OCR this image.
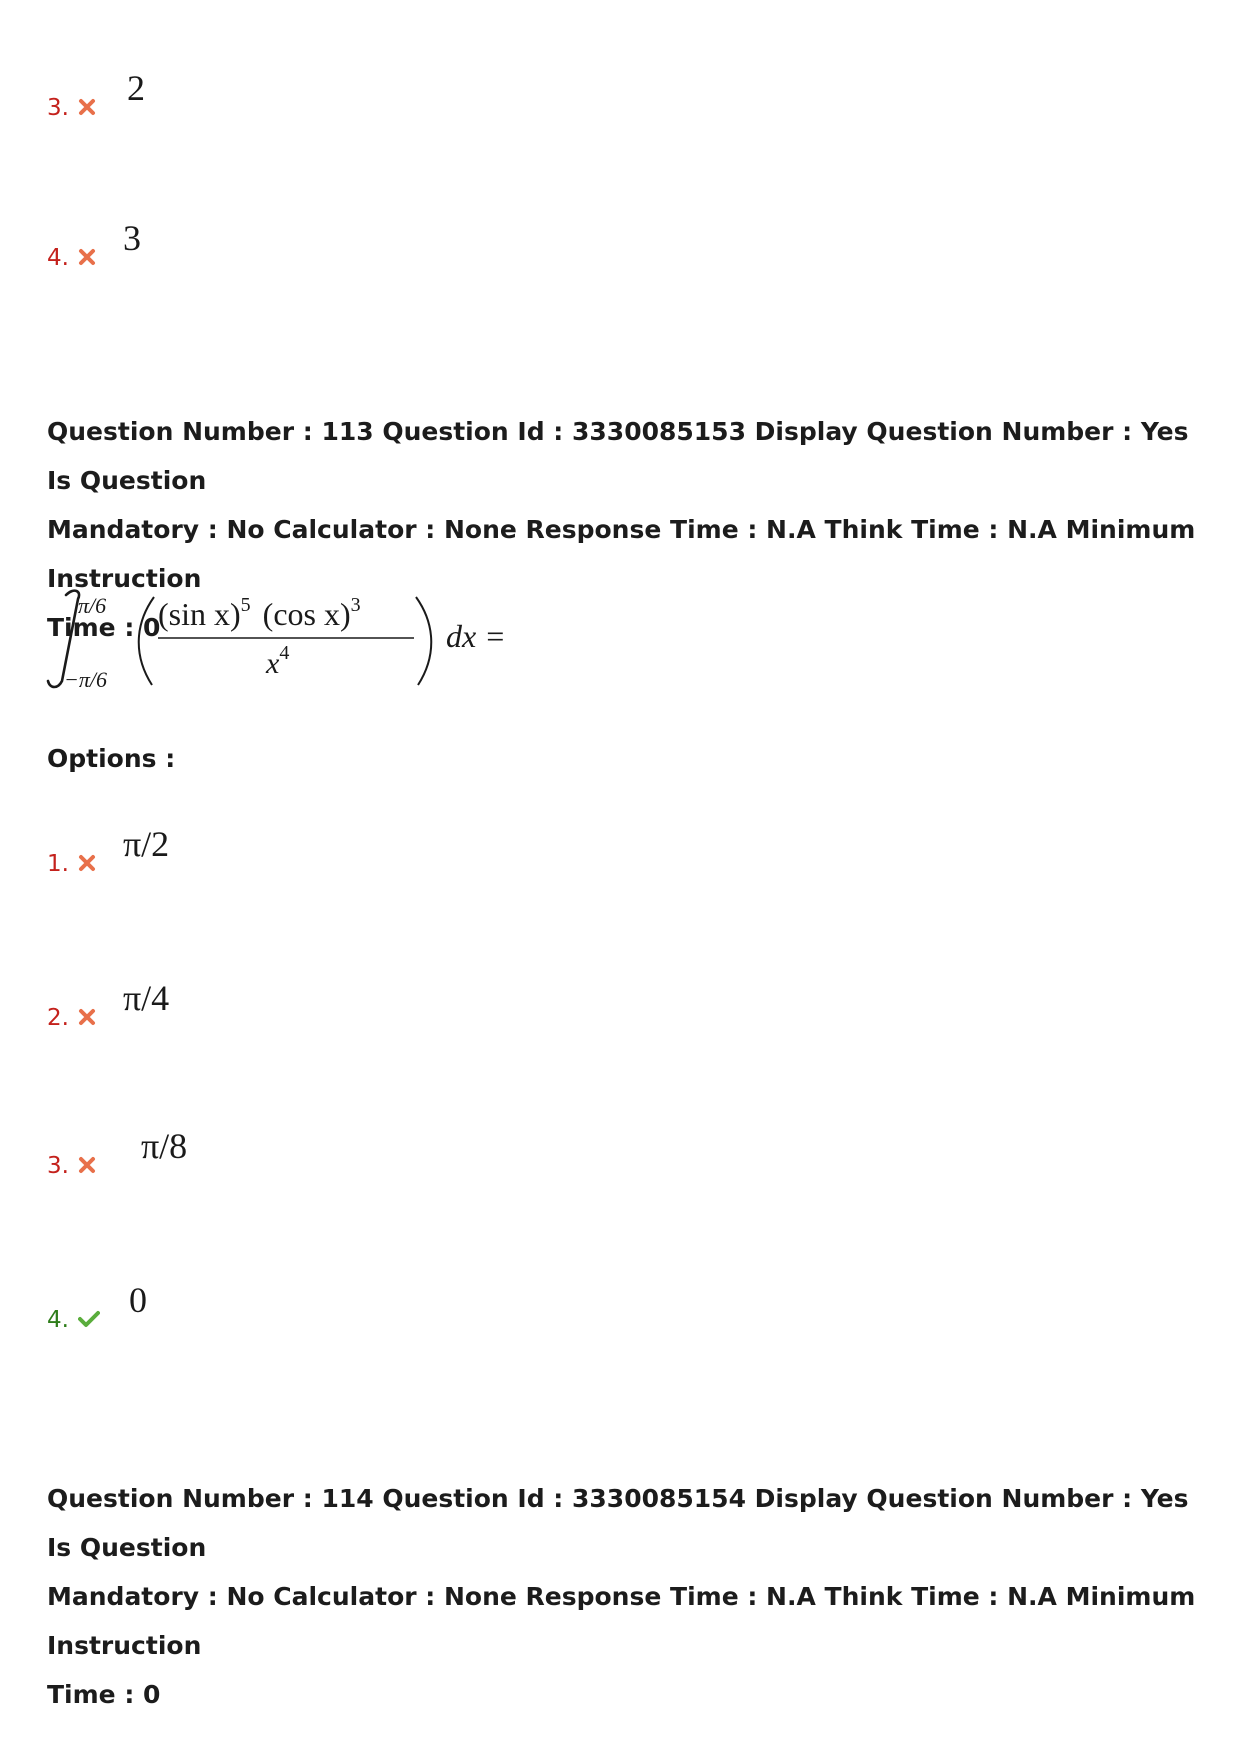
3. 2
4. 3
Question Number : 113 Question Id : 3330085153 Display Question Number : Yes Is Question
Mandatory : No Calculator : None Response Time : N.A Think Time : N.A Minimum Instruction
Time : 0
π/6
−π/6
(sin x)$^5$ (cos x)$^3$
$x^4$	dx =
Options :
1. π/2
2. π/4
3. π/8
4. 0
Question Number : 114 Question Id : 3330085154 Display Question Number : Yes Is Question
Mandatory : No Calculator : None Response Time : N.A Think Time : N.A Minimum Instruction
Time : 0
